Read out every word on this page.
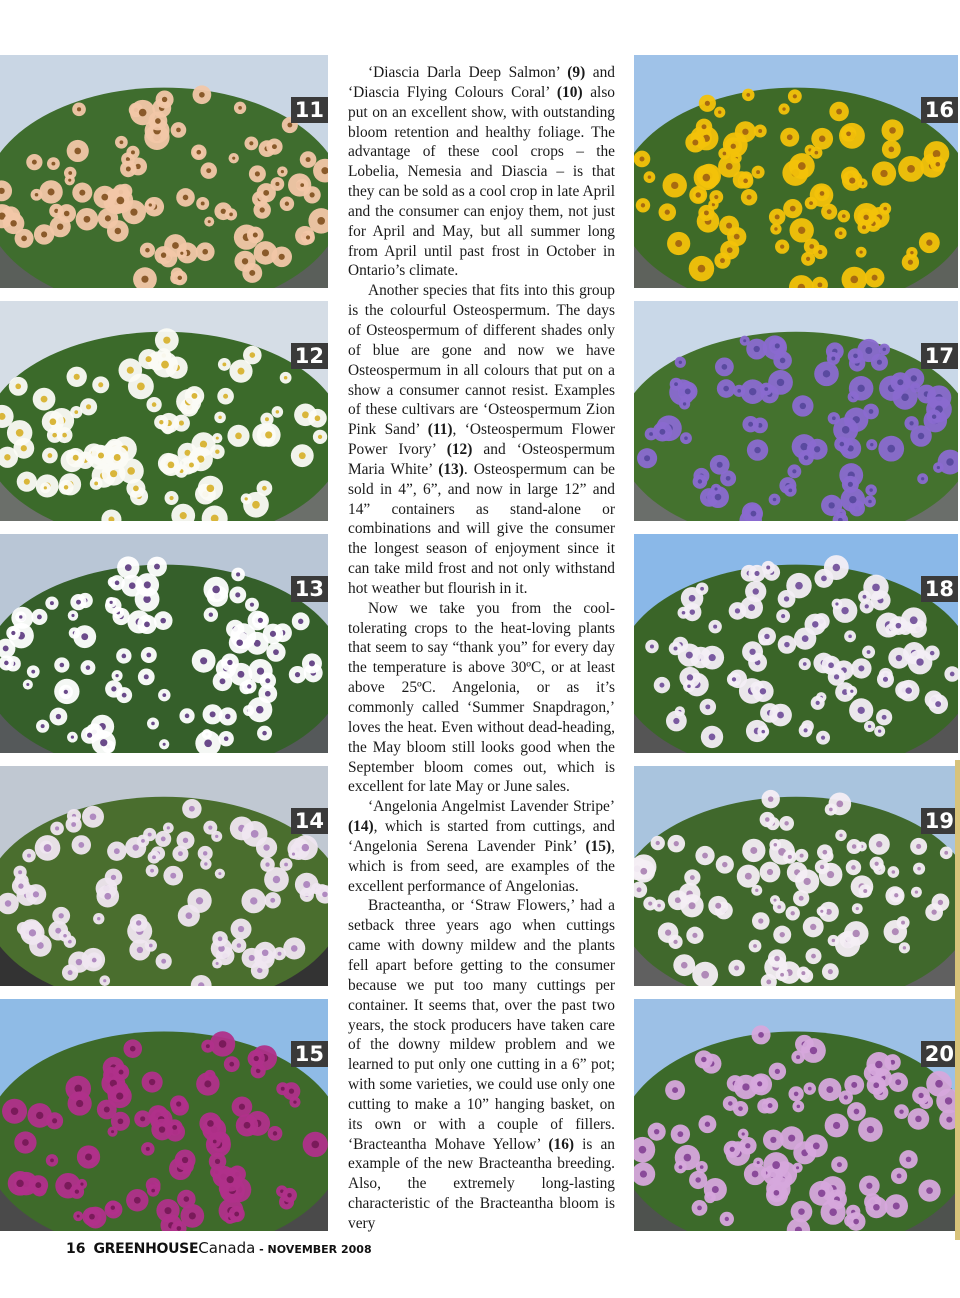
11
12
13
14
15
16
17
18
19
20

‘Diascia Darla Deep Salmon’ (9) and ‘Diascia Flying Colours Coral’ (10) also put on an excellent show, with outstanding bloom retention and healthy foliage. The advantage of these cool crops – the Lobelia, Nemesia and Diascia – is that they can be sold as a cool crop in late April and the consumer can enjoy them, not just for April and May, but all summer long from April until past frost in October in Ontario’s climate.

Another species that fits into this group is the colourful Osteospermum. The days of Osteospermum of different shades only of blue are gone and now we have Osteospermum in all colours that put on a show a consumer cannot resist. Examples of these cultivars are ‘Osteospermum Zion Pink Sand’ (11), ‘Osteospermum Flower Power Ivory’ (12) and ‘Osteospermum Maria White’ (13). Osteospermum can be sold in 4”, 6”, and now in large 12” and 14” containers as stand-alone or combinations and will give the consumer the longest season of enjoyment since it can take mild frost and not only withstand hot weather but flourish in it.

Now we take you from the cool-tolerating crops to the heat-loving plants that seem to say “thank you” for every day the temperature is above 30ºC, or at least above 25ºC. Angelonia, or as it’s commonly called ‘Summer Snapdragon,’ loves the heat. Even without dead-heading, the May bloom still looks good when the September bloom comes out, which is excellent for late May or June sales.

‘Angelonia Angelmist Lavender Stripe’ (14), which is started from cuttings, and ‘Angelonia Serena Lavender Pink’ (15), which is from seed, are examples of the excellent performance of Angelonias.

Bracteantha, or ‘Straw Flowers,’ had a setback three years ago when cuttings came with downy mildew and the plants fell apart before getting to the consumer because we put too many cuttings per container. It seems that, over the past two years, the stock producers have taken care of the downy mildew problem and we learned to put only one cutting in a 6” pot; with some varieties, we could use only one cutting to make a 10” hanging basket, on its own or with a couple of fillers. ‘Bracteantha Mohave Yellow’ (16) is an example of the new Bracteantha breeding. Also, the extremely long-lasting characteristic of the Bracteantha bloom is very

16 GREENHOUSECanada - NOVEMBER 2008
